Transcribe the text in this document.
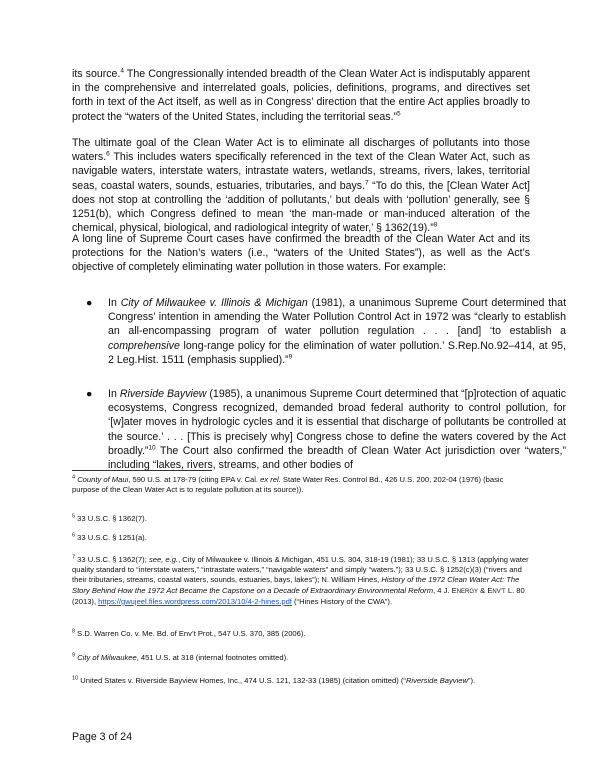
its source.$^4$ The Congressionally intended breadth of the Clean Water Act is indisputably apparent in the comprehensive and interrelated goals, policies, definitions, programs, and directives set forth in text of the Act itself, as well as in Congress’ direction that the entire Act applies broadly to protect the “waters of the United States, including the territorial seas.”$^5$

The ultimate goal of the Clean Water Act is to eliminate all discharges of pollutants into those waters.$^6$ This includes waters specifically referenced in the text of the Clean Water Act, such as navigable waters, interstate waters, intrastate waters, wetlands, streams, rivers, lakes, territorial seas, coastal waters, sounds, estuaries, tributaries, and bays.$^7$ “To do this, the [Clean Water Act] does not stop at controlling the ‘addition of pollutants,’ but deals with ‘pollution’ generally, see § 1251(b), which Congress defined to mean ‘the man-made or man-induced alteration of the chemical, physical, biological, and radiological integrity of water,’ § 1362(19).”$^8$

A long line of Supreme Court cases have confirmed the breadth of the Clean Water Act and its protections for the Nation’s waters (i.e., “waters of the United States”), as well as the Act’s objective of completely eliminating water pollution in those waters. For example:

● In City of Milwaukee v. Illinois & Michigan (1981), a unanimous Supreme Court determined that Congress’ intention in amending the Water Pollution Control Act in 1972 was “clearly to establish an all-encompassing program of water pollution regulation . . . [and] ‘to establish a comprehensive long-range policy for the elimination of water pollution.’ S.Rep.No.92–414, at 95, 2 Leg.Hist. 1511 (emphasis supplied).”$^9$
● In Riverside Bayview (1985), a unanimous Supreme Court determined that “[p]rotection of aquatic ecosystems, Congress recognized, demanded broad federal authority to control pollution, for ‘[w]ater moves in hydrologic cycles and it is essential that discharge of pollutants be controlled at the source.’ . . . [This is precisely why] Congress chose to define the waters covered by the Act broadly.”$^{10}$ The Court also confirmed the breadth of Clean Water Act jurisdiction over “waters,” including “lakes, rivers, streams, and other bodies of
$^4$ County of Maui, 590 U.S. at 178-79 (citing EPA v. Cal. ex rel. State Water Res. Control Bd., 426 U.S. 200, 202-04 (1976) (basic purpose of the Clean Water Act is to regulate pollution at its source)).
$^5$ 33 U.S.C. § 1362(7).
$^6$ 33 U.S.C. § 1251(a).
$^7$ 33 U.S.C. § 1362(7); see, e.g., City of Milwaukee v. Illinois & Michigan, 451 U.S. 304, 318-19 (1981); 33 U.S.C. § 1313 (applying water quality standard to “interstate waters,” “intrastate waters,” “navigable waters” and simply “waters.”); 33 U.S.C. § 1252(c)(3) (“rivers and their tributaries, streams, coastal waters, sounds, estuaries, bays, lakes”); N. William Hines, History of the 1972 Clean Water Act: The Story Behind How the 1972 Act Became the Capstone on a Decade of Extraordinary Environmental Reform, 4 J. ENERGY & ENV’T L. 80 (2013), https://gwujeel.files.wordpress.com/2013/10/4-2-hines.pdf (“Hines History of the CWA”).
$^8$ S.D. Warren Co. v. Me. Bd. of Env’t Prot., 547 U.S. 370, 385 (2006).
$^9$ City of Milwaukee, 451 U.S. at 318 (internal footnotes omitted).
$^{10}$ United States v. Riverside Bayview Homes, Inc., 474 U.S. 121, 132-33 (1985) (citation omitted) (“Riverside Bayview”).
Page 3 of 24
